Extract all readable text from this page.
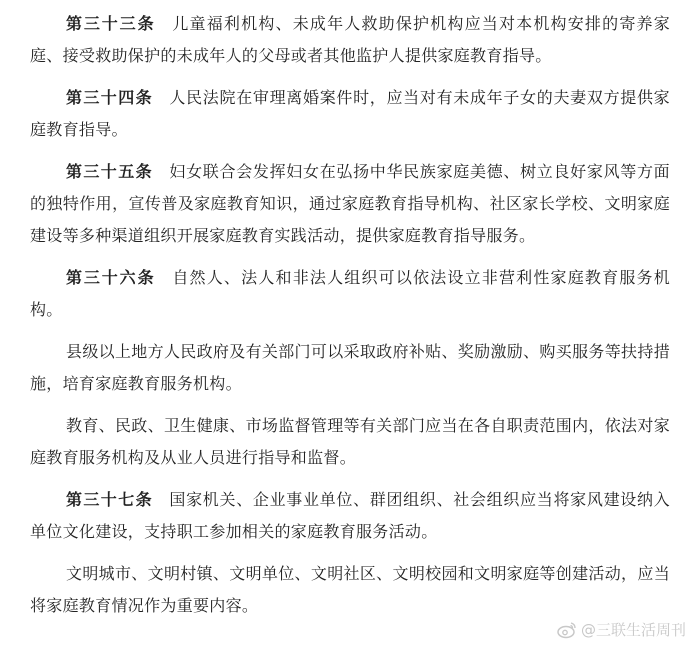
第三十三条 儿童福利机构、未成年人救助保护机构应当对本机构安排的寄养家庭、接受救助保护的未成年人的父母或者其他监护人提供家庭教育指导。

第三十四条 人民法院在审理离婚案件时，应当对有未成年子女的夫妻双方提供家庭教育指导。

第三十五条 妇女联合会发挥妇女在弘扬中华民族家庭美德、树立良好家风等方面的独特作用，宣传普及家庭教育知识，通过家庭教育指导机构、社区家长学校、文明家庭建设等多种渠道组织开展家庭教育实践活动，提供家庭教育指导服务。

第三十六条 自然人、法人和非法人组织可以依法设立非营利性家庭教育服务机构。

县级以上地方人民政府及有关部门可以采取政府补贴、奖励激励、购买服务等扶持措施，培育家庭教育服务机构。

教育、民政、卫生健康、市场监督管理等有关部门应当在各自职责范围内，依法对家庭教育服务机构及从业人员进行指导和监督。

第三十七条 国家机关、企业事业单位、群团组织、社会组织应当将家风建设纳入单位文化建设，支持职工参加相关的家庭教育服务活动。

文明城市、文明村镇、文明单位、文明社区、文明校园和文明家庭等创建活动，应当将家庭教育情况作为重要内容。

@三联生活周刊
